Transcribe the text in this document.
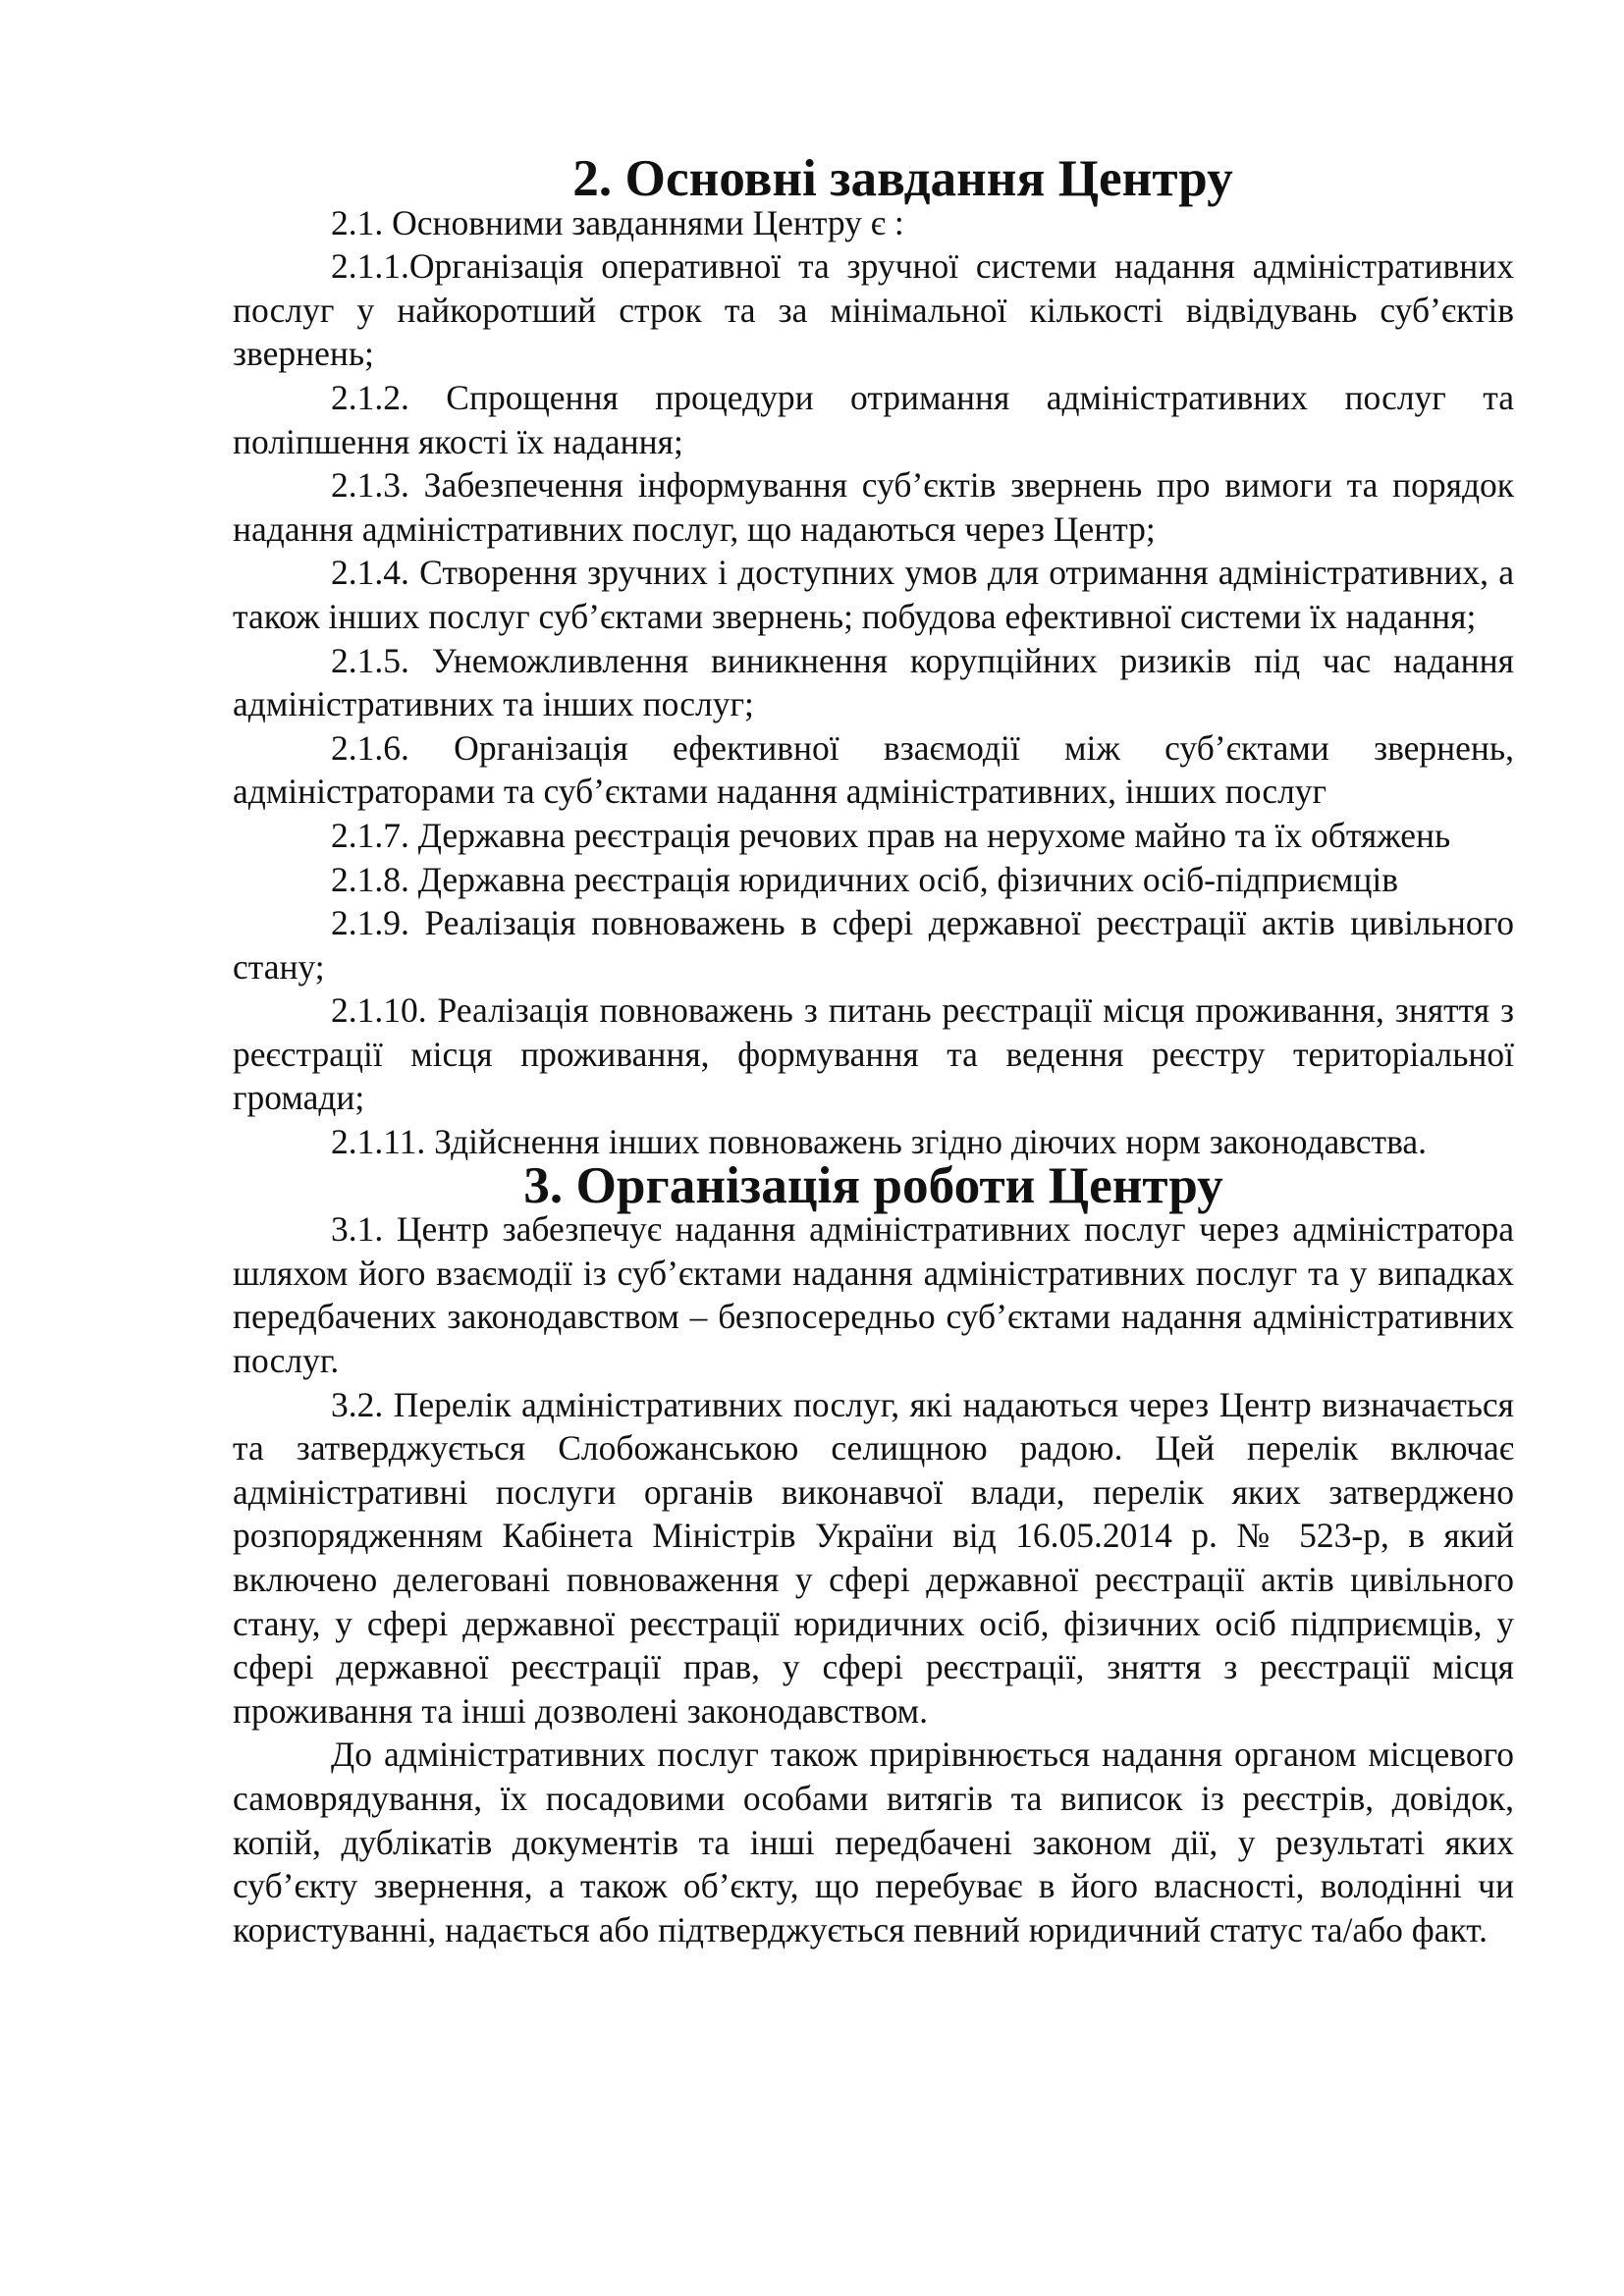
2. Основні завдання Центру

2.1. Основними завданнями Центру є :

2.1.1.Організація оперативної та зручної системи надання адміністративних послуг у найкоротший строк та за мінімальної кількості відвідувань суб’єктів звернень;

2.1.2. Спрощення процедури отримання адміністративних послуг та поліпшення якості їх надання;

2.1.3. Забезпечення інформування суб’єктів звернень про вимоги та порядок надання адміністративних послуг, що надаються через Центр;

2.1.4. Створення зручних і доступних умов для отримання адміністративних, а також інших послуг суб’єктами звернень; побудова ефективної системи їх надання;

2.1.5. Унеможливлення виникнення корупційних ризиків під час надання адміністративних та інших послуг;

2.1.6. Організація ефективної взаємодії між суб’єктами звернень, адміністраторами та суб’єктами надання адміністративних, інших послуг

2.1.7. Державна реєстрація речових прав на нерухоме майно та їх обтяжень

2.1.8. Державна реєстрація юридичних осіб, фізичних осіб-підприємців

2.1.9. Реалізація повноважень в сфері державної реєстрації актів цивільного стану;

2.1.10. Реалізація повноважень з питань реєстрації місця проживання, зняття з реєстрації місця проживання, формування та ведення реєстру територіальної громади;

2.1.11. Здійснення інших повноважень згідно діючих норм законодавства.

3. Організація роботи Центру

3.1. Центр забезпечує надання адміністративних послуг через адміністратора шляхом його взаємодії із суб’єктами надання адміністративних послуг та у випадках передбачених законодавством – безпосередньо суб’єктами надання адміністративних послуг.

3.2. Перелік адміністративних послуг, які надаються через Центр визначається та затверджується Слобожанською селищною радою. Цей перелік включає адміністративні послуги органів виконавчої влади, перелік яких затверджено розпорядженням Кабінета Міністрів України від 16.05.2014 р. № 523-р, в який включено делеговані повноваження у сфері державної реєстрації актів цивільного стану, у сфері державної реєстрації юридичних осіб, фізичних осіб підприємців, у сфері державної реєстрації прав, у сфері реєстрації, зняття з реєстрації місця проживання та інші дозволені законодавством.

До адміністративних послуг також прирівнюється надання органом місцевого самоврядування, їх посадовими особами витягів та виписок із реєстрів, довідок, копій, дублікатів документів та інші передбачені законом дії, у результаті яких суб’єкту звернення, а також об’єкту, що перебуває в його власності, володінні чи користуванні, надається або підтверджується певний юридичний статус та/або факт.
